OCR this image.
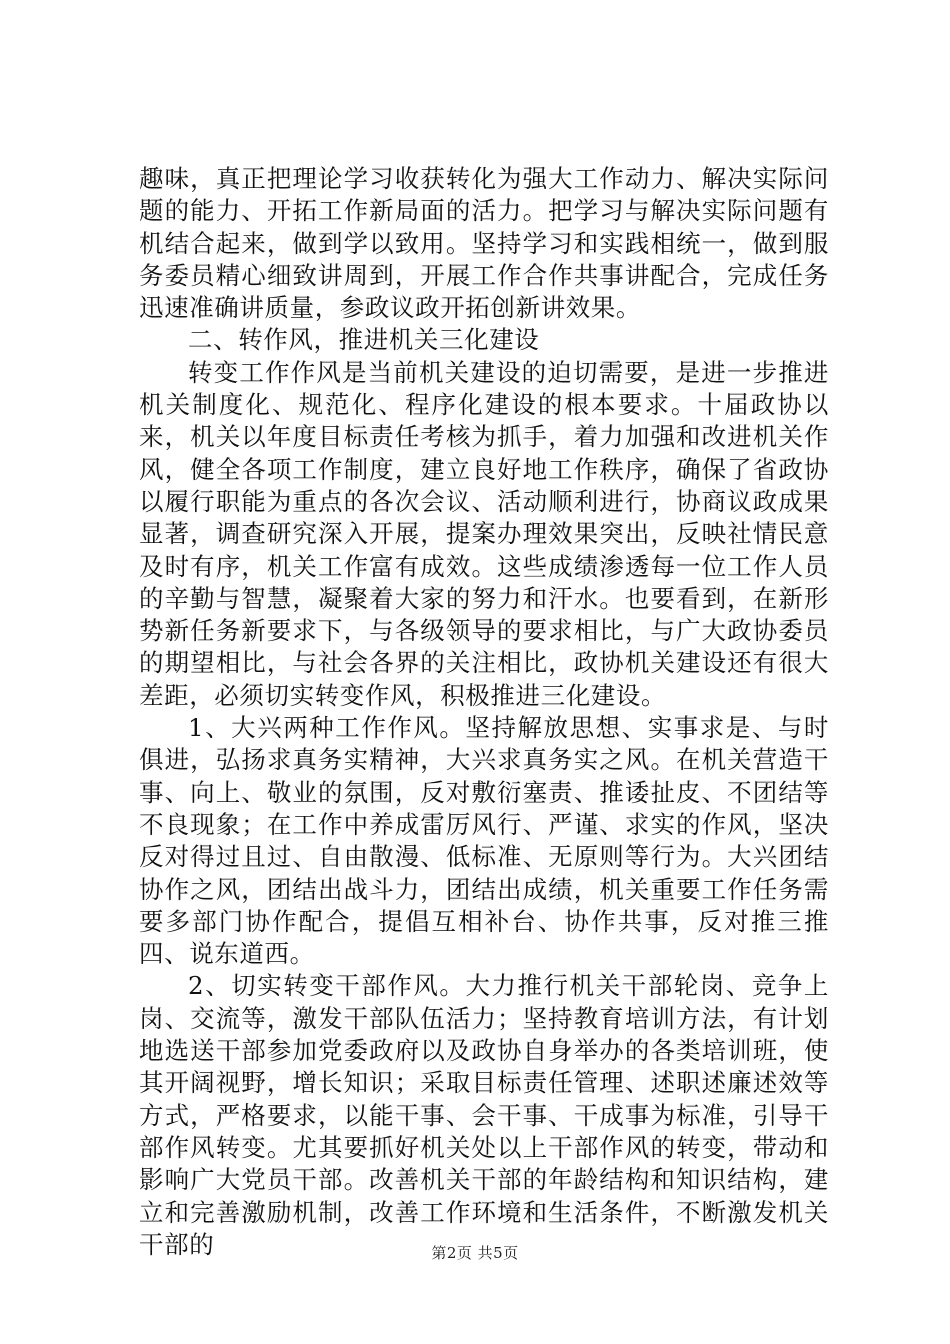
趣味，真正把理论学习收获转化为强大工作动力、解决实际问题的能力、开拓工作新局面的活力。把学习与解决实际问题有机结合起来，做到学以致用。坚持学习和实践相统一，做到服务委员精心细致讲周到，开展工作合作共事讲配合，完成任务迅速准确讲质量，参政议政开拓创新讲效果。

二、转作风，推进机关三化建设

转变工作作风是当前机关建设的迫切需要，是进一步推进机关制度化、规范化、程序化建设的根本要求。十届政协以来，机关以年度目标责任考核为抓手，着力加强和改进机关作风，健全各项工作制度，建立良好地工作秩序，确保了省政协以履行职能为重点的各次会议、活动顺利进行，协商议政成果显著，调查研究深入开展，提案办理效果突出，反映社情民意及时有序，机关工作富有成效。这些成绩渗透每一位工作人员的辛勤与智慧，凝聚着大家的努力和汗水。也要看到，在新形势新任务新要求下，与各级领导的要求相比，与广大政协委员的期望相比，与社会各界的关注相比，政协机关建设还有很大差距，必须切实转变作风，积极推进三化建设。

1、大兴两种工作作风。坚持解放思想、实事求是、与时俱进，弘扬求真务实精神，大兴求真务实之风。在机关营造干事、向上、敬业的氛围，反对敷衍塞责、推诿扯皮、不团结等不良现象；在工作中养成雷厉风行、严谨、求实的作风，坚决反对得过且过、自由散漫、低标准、无原则等行为。大兴团结协作之风，团结出战斗力，团结出成绩，机关重要工作任务需要多部门协作配合，提倡互相补台、协作共事，反对推三推四、说东道西。

2、切实转变干部作风。大力推行机关干部轮岗、竞争上岗、交流等，激发干部队伍活力；坚持教育培训方法，有计划地选送干部参加党委政府以及政协自身举办的各类培训班，使其开阔视野，增长知识；采取目标责任管理、述职述廉述效等方式，严格要求，以能干事、会干事、干成事为标准，引导干部作风转变。尤其要抓好机关处以上干部作风的转变，带动和影响广大党员干部。改善机关干部的年龄结构和知识结构，建立和完善激励机制，改善工作环境和生活条件，不断激发机关干部的	第2页 共5页
